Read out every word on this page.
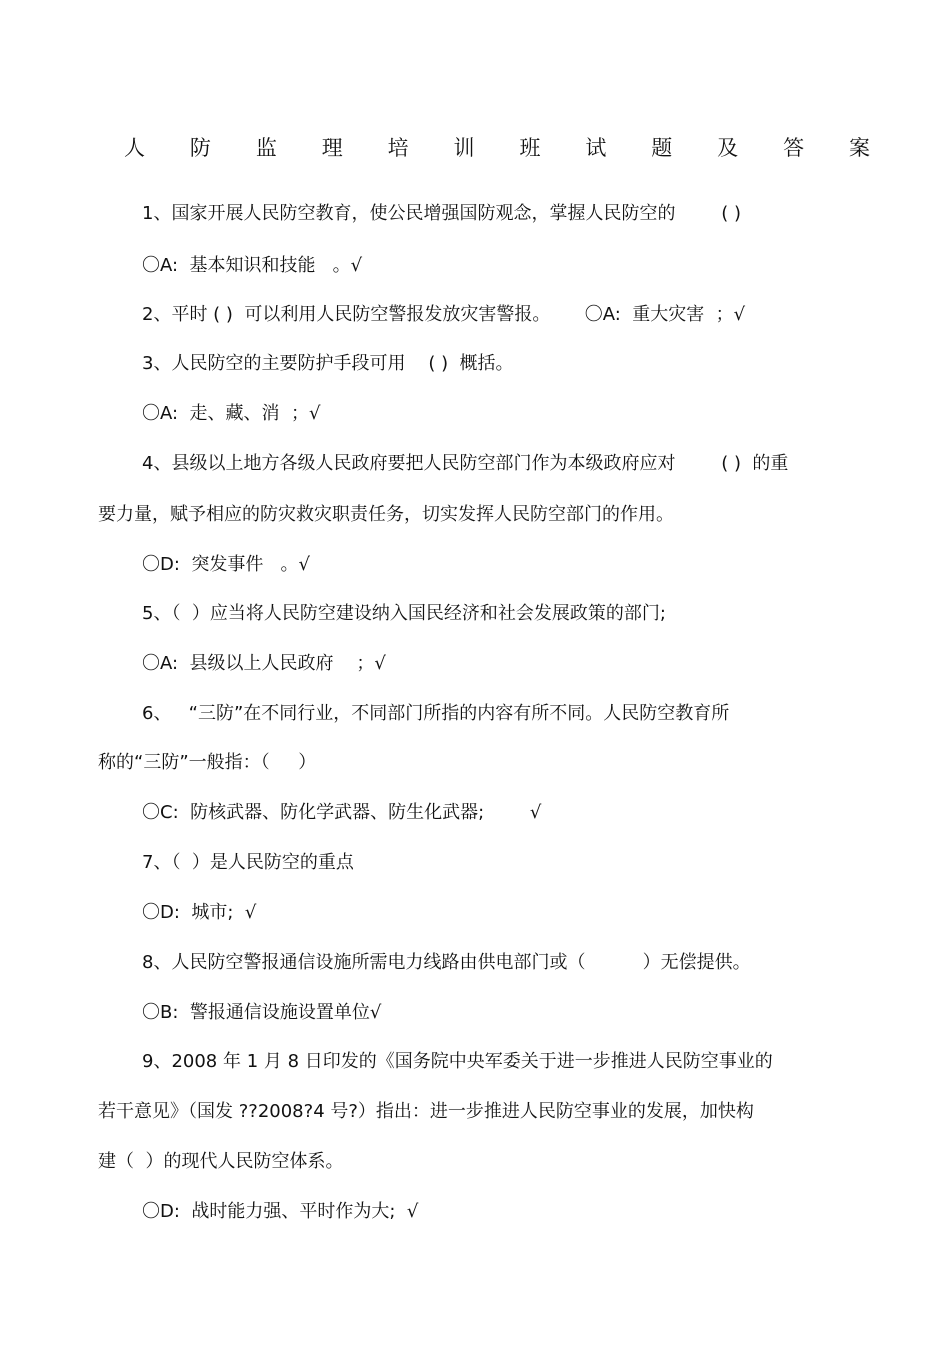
人 防 监 理 培 训 班 试 题 及 答 案
1、国家开展人民防空教育，使公民增强国防观念，掌握人民防空的        ( )
〇A:  基本知识和技能   。√
2、平时 ( )  可以利用人民防空警报发放灾害警报。      〇A:  重大灾害  ；√
3、人民防空的主要防护手段可用    ( )  概括。
〇A:  走、藏、消  ；√
4、县级以上地方各级人民政府要把人民防空部门作为本级政府应对        ( )  的重
要力量，赋予相应的防灾救灾职责任务，切实发挥人民防空部门的作用。
〇D:  突发事件   。√
5、（  ）应当将人民防空建设纳入国民经济和社会发展政策的部门;
〇A:  县级以上人民政府    ；√
6、   “三防”在不同行业，不同部门所指的内容有所不同。人民防空教育所
称的“三防”一般指：（     ）
〇C:  防核武器、防化学武器、防生化武器;        √
7、（  ）是人民防空的重点
〇D:  城市;  √
8、人民防空警报通信设施所需电力线路由供电部门或（          ）无偿提供。
〇B:  警报通信设施设置单位√
9、2008 年 1 月 8 日印发的《国务院中央军委关于进一步推进人民防空事业的
若干意见》（国发 ??2008?4 号?）指出：进一步推进人民防空事业的发展，加快构
建（  ）的现代人民防空体系。
〇D:  战时能力强、平时作为大;  √
